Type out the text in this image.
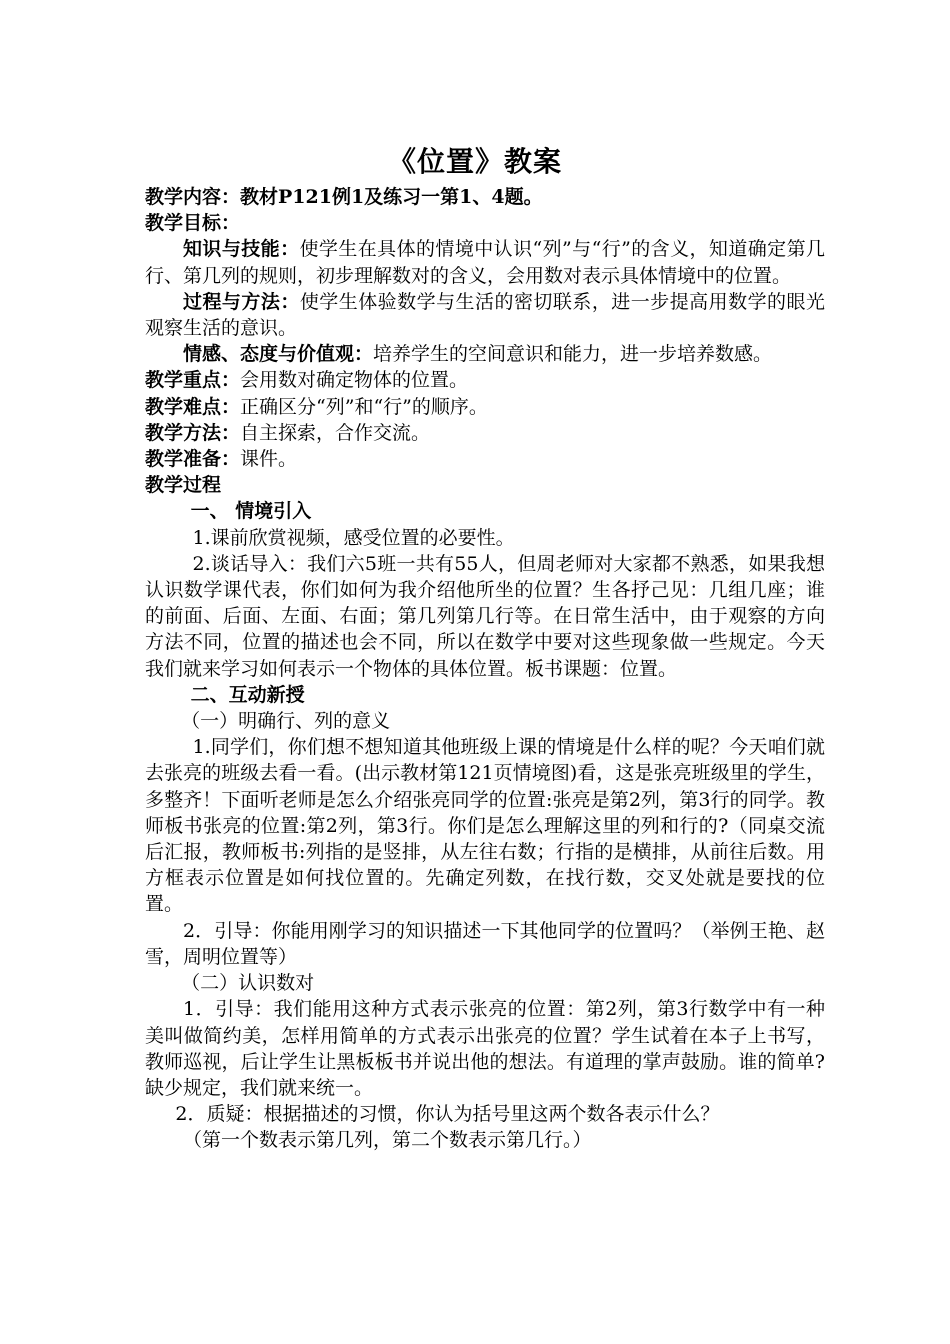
《位置》教案

教学内容：教材P121例1及练习一第1、4题。

教学目标：

知识与技能：使学生在具体的情境中认识“列”与“行”的含义，知道确定第几行、第几列的规则，初步理解数对的含义，会用数对表示具体情境中的位置。

过程与方法：使学生体验数学与生活的密切联系，进一步提高用数学的眼光观察生活的意识。

情感、态度与价值观：培养学生的空间意识和能力，进一步培养数感。

教学重点：会用数对确定物体的位置。

教学难点：正确区分“列”和“行”的顺序。

教学方法：自主探索，合作交流。

教学准备：课件。

教学过程

一、 情境引入

1.课前欣赏视频，感受位置的必要性。

2.谈话导入：我们六5班一共有55人，但周老师对大家都不熟悉，如果我想认识数学课代表，你们如何为我介绍他所坐的位置？生各抒己见：几组几座；谁的前面、后面、左面、右面；第几列第几行等。在日常生活中，由于观察的方向方法不同，位置的描述也会不同，所以在数学中要对这些现象做一些规定。今天我们就来学习如何表示一个物体的具体位置。板书课题：位置。

二、互动新授

（一）明确行、列的意义

1.同学们，你们想不想知道其他班级上课的情境是什么样的呢？今天咱们就去张亮的班级去看一看。(出示教材第121页情境图)看，这是张亮班级里的学生，多整齐！下面听老师是怎么介绍张亮同学的位置:张亮是第2列，第3行的同学。教师板书张亮的位置:第2列，第3行。你们是怎么理解这里的列和行的?（同桌交流后汇报，教师板书:列指的是竖排，从左往右数；行指的是横排，从前往后数。用方框表示位置是如何找位置的。先确定列数，在找行数，交叉处就是要找的位置。

2．引导：你能用刚学习的知识描述一下其他同学的位置吗？（举例王艳、赵雪，周明位置等）

（二）认识数对

1．引导：我们能用这种方式表示张亮的位置：第2列，第3行数学中有一种美叫做简约美，怎样用简单的方式表示出张亮的位置？学生试着在本子上书写，教师巡视，后让学生让黑板板书并说出他的想法。有道理的掌声鼓励。谁的简单?缺少规定，我们就来统一。

2．质疑：根据描述的习惯，你认为括号里这两个数各表示什么？

（第一个数表示第几列，第二个数表示第几行。）
